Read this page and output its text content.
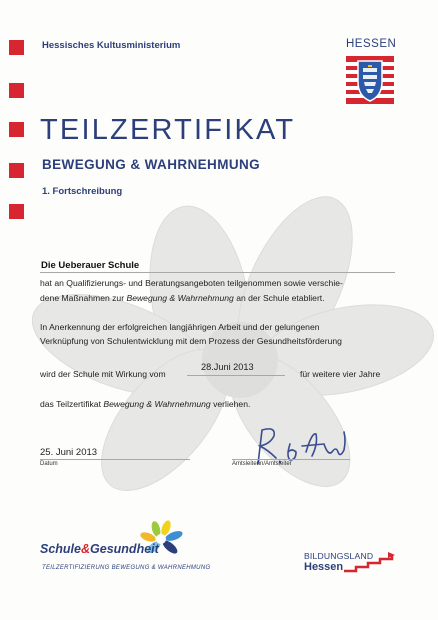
Hessisches Kultusministerium	HESSEN
TEILZERTIFIKAT
BEWEGUNG & WAHRNEHMUNG
1. Fortschreibung
Die Ueberauer Schule
hat an Qualifizierungs- und Beratungsangeboten teilgenommen sowie verschie-
dene Maßnahmen zur Bewegung & Wahrnehmung an der Schule etabliert.
In Anerkennung der erfolgreichen langjährigen Arbeit und der gelungenen
Verknüpfung von Schulentwicklung mit dem Prozess der Gesundheitsförderung
wird der Schule mit Wirkung vom
28.Juni 2013
für weitere vier Jahre
das Teilzertifikat Bewegung & Wahrnehmung verliehen.
25. Juni 2013
Datum	Amtsleiterin/Amtsleiter
Schule&Gesundheit
TEILZERTIFIZIERUNG BEWEGUNG & WAHRNEHMUNG
BILDUNGSLAND
Hessen
